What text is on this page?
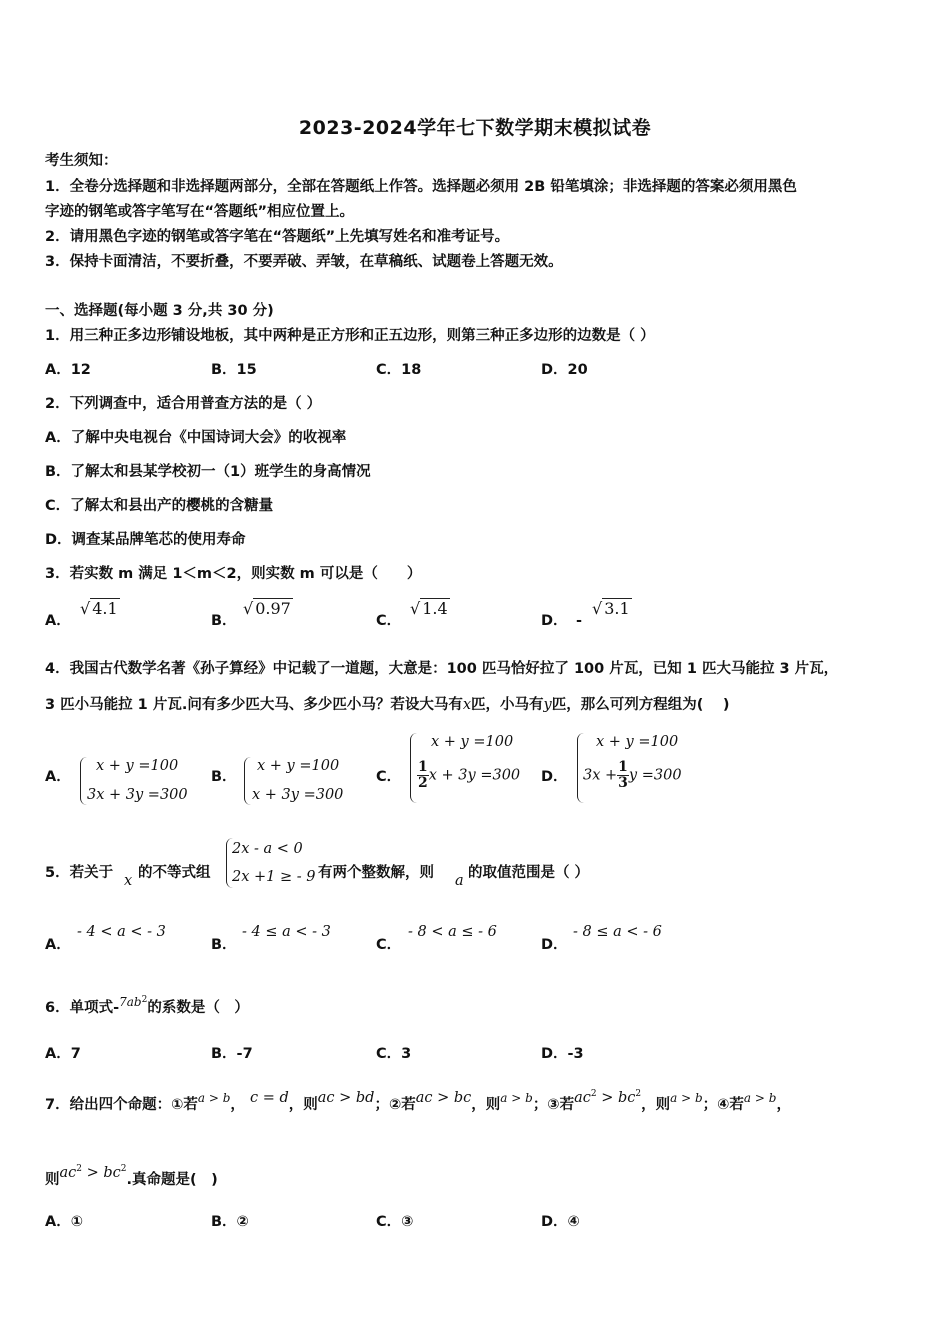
2023-2024学年七下数学期末模拟试卷
考生须知：
1．全卷分选择题和非选择题两部分，全部在答题纸上作答。选择题必须用 2B 铅笔填涂；非选择题的答案必须用黑色
字迹的钢笔或答字笔写在“答题纸”相应位置上。
2．请用黑色字迹的钢笔或答字笔在“答题纸”上先填写姓名和准考证号。
3．保持卡面清洁，不要折叠，不要弄破、弄皱，在草稿纸、试题卷上答题无效。
一、选择题(每小题 3 分,共 30 分)
1．用三种正多边形铺设地板，其中两种是正方形和正五边形，则第三种正多边形的边数是（ ）
A．12	B．15	C．18	D．20
2．下列调查中，适合用普查方法的是（ ）
A．了解中央电视台《中国诗词大会》的收视率
B．了解太和县某学校初一（1）班学生的身高情况
C．了解太和县出产的樱桃的含糖量
D．调查某品牌笔芯的使用寿命
3．若实数 m 满足 1＜m＜2，则实数 m 可以是（　　）
A．
√ 4.1
B．
√ 0.97
C．
√ 1.4
D． -
√ 3.1
4．我国古代数学名著《孙子算经》中记载了一道题，大意是：100 匹马恰好拉了 100 片瓦，已知 1 匹大马能拉 3 片瓦，
3 匹小马能拉 1 片瓦.问有多少匹大马、多少匹小马？若设大马有x匹，小马有y匹，那么可列方程组为(　 )
A．
x + y =100
3x + 3y =300
B．
x + y =100
x + 3y =300
C．
x + y =100
$\frac{1}{2}$ x + 3y =300 D．
x + y =100
$3x + \frac{1}{3}$ y =300
5．若关于 x 的不等式组
2x - a < 0
2x +1 ≥ - 9 有两个整数解，则 a 的取值范围是（ ）
A．
- 4 < a < - 3
B．
- 4 ≤ a < - 3
C．
- 8 < a ≤ - 6
D．
- 8 ≤ a < - 6
6．单项式-$^{7ab2}$的系数是（　）
A．7	B．-7	C．3	D．-3
7．给出四个命题：①若$^{a > b}$， c = d，则ac > bd；②若ac > bc，则$^{a > b}$；③若$ac^2 > bc^2$，则$^{a > b}$；④若$^{a > b}$，
则$ac^2 > bc^2$.真命题是(　)
A．①	B．②	C．③	D．④
